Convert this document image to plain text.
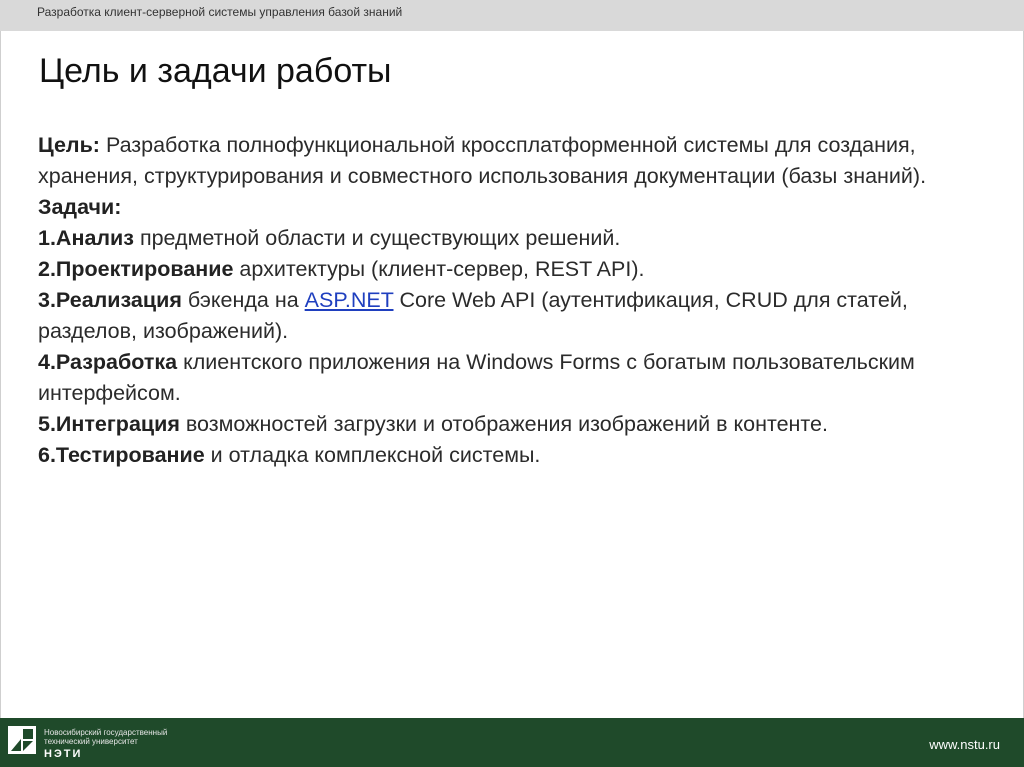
Разработка клиент-серверной системы управления базой знаний
Цель и задачи работы

Цель: Разработка полнофункциональной кроссплатформенной системы для создания, хранения, структурирования и совместного использования документации (базы знаний).

Задачи:

1.Анализ предметной области и существующих решений.

2.Проектирование архитектуры (клиент-сервер, REST API).

3.Реализация бэкенда на ASP.NET Core Web API (аутентификация, CRUD для статей, разделов, изображений).

4.Разработка клиентского приложения на Windows Forms с богатым пользовательским интерфейсом.

5.Интеграция возможностей загрузки и отображения изображений в контенте.

6.Тестирование и отладка комплексной системы.

Новосибирский государственный
технический университет
НЭТИ
www.nstu.ru
